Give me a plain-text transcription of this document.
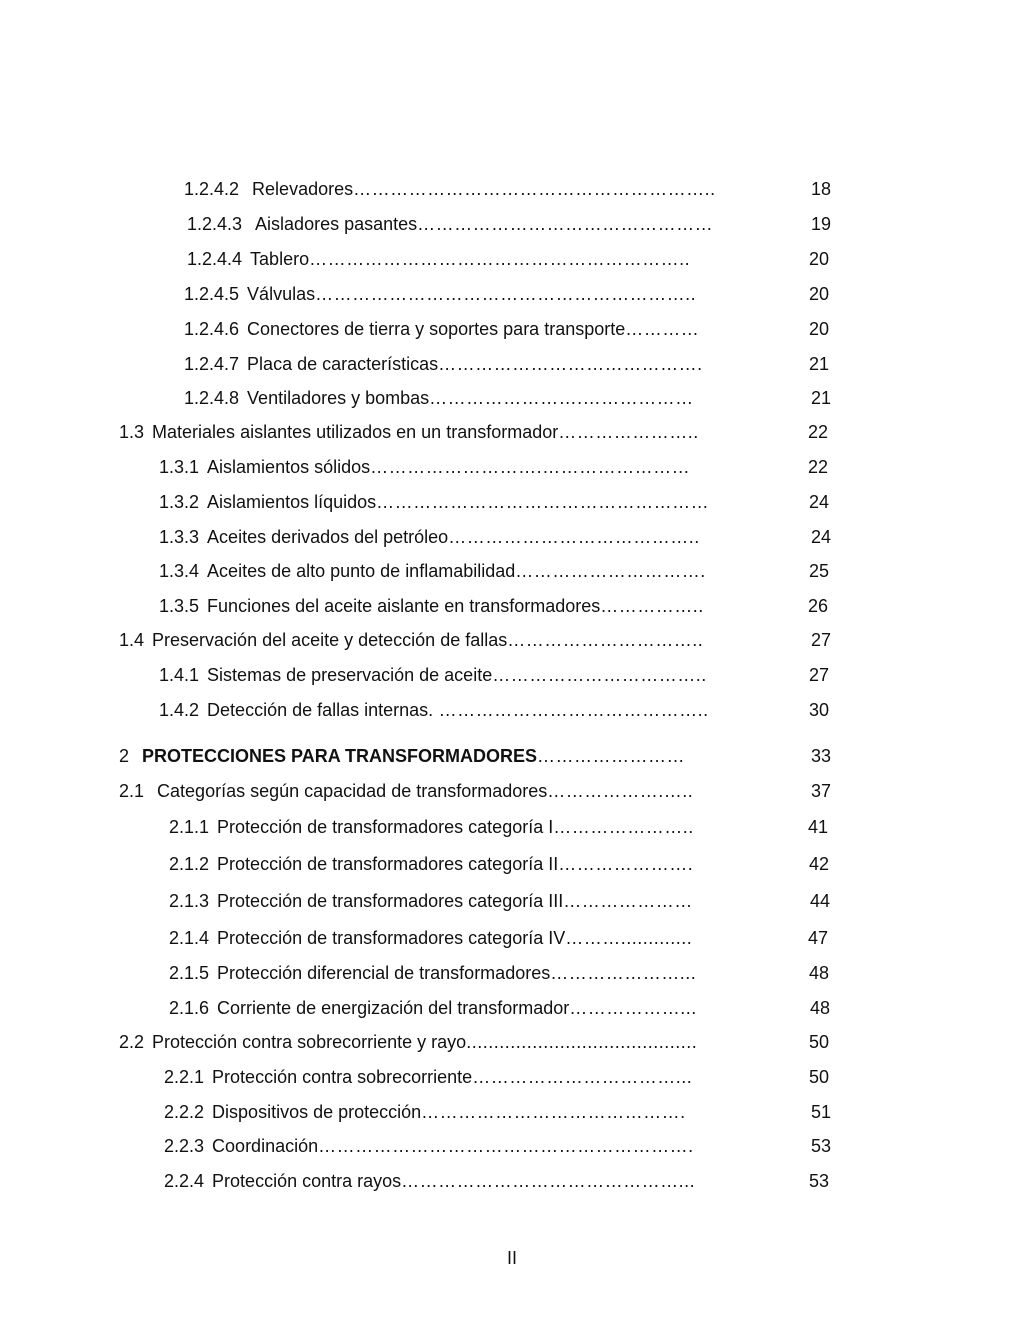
1.2.4.2 Relevadores…………………………………………………..	18
1.2.4.3 Aisladores pasantes…………………………………………	19
1.2.4.4 Tablero……………………………………………………..	20
1.2.4.5 Válvulas……………………………………………………..	20
1.2.4.6 Conectores de tierra y soportes para transporte…………	20
1.2.4.7 Placa de características…………………………………….	21
1.2.4.8 Ventiladores y bombas…………………….………………	21
1.3 Materiales aislantes utilizados en un transformador…………………..	22
1.3.1 Aislamientos sólidos……………………….……………………	22
1.3.2 Aislamientos líquidos………………………………………………	24
1.3.3 Aceites derivados del petróleo…………………………………..	24
1.3.4 Aceites de alto punto de inflamabilidad………………………….	25
1.3.5 Funciones del aceite aislante en transformadores……………..	26
1.4 Preservación del aceite y detección de fallas…………………………..	27
1.4.1 Sistemas de preservación de aceite……………………………..	27
1.4.2 Detección de fallas internas. ……………………………………..	30
2 PROTECCIONES PARA TRANSFORMADORES……………………	33
2.1 Categorías según capacidad de transformadores……………….…..	37
2.1.1 Protección de transformadores categoría I…………………..	41
2.1.2 Protección de transformadores categoría II………………….	42
2.1.3 Protección de transformadores categoría III…………………	44
2.1.4 Protección de transformadores categoría IV……….............	47
2.1.5 Protección diferencial de transformadores…………………...	48
2.1.6 Corriente de energización del transformador………………...	48
2.2 Protección contra sobrecorriente y rayo..........................................	50
2.2.1 Protección contra sobrecorriente……………………………...	50
2.2.2 Dispositivos de protección…………………………………….	51
2.2.3 Coordinación…………………………………………………….	53
2.2.4 Protección contra rayos………………………………………...	53
II
